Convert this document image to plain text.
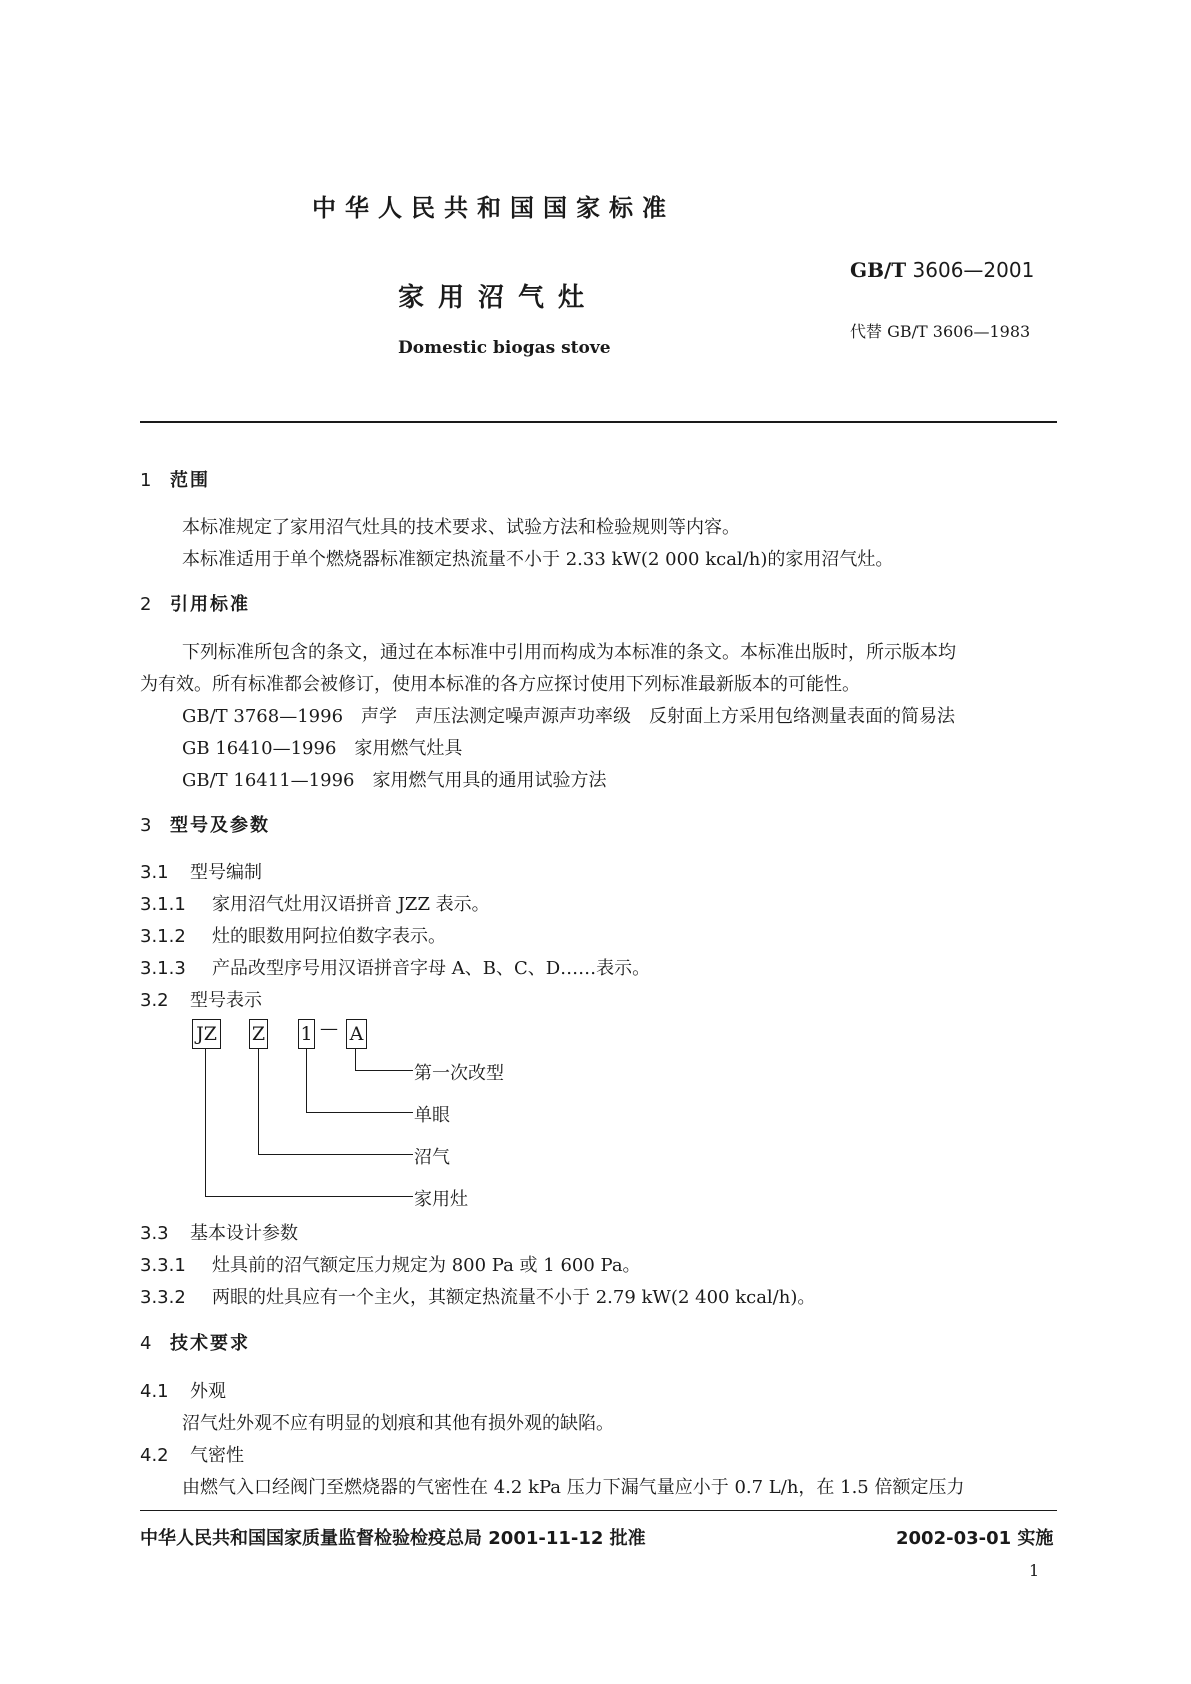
中华人民共和国国家标准
家用沼气灶
Domestic biogas stove
GB/T 3606—2001
代替 GB/T 3606—1983
1 范围
本标准规定了家用沼气灶具的技术要求、试验方法和检验规则等内容。
本标准适用于单个燃烧器标准额定热流量不小于 2.33 kW(2 000 kcal/h)的家用沼气灶。
2 引用标准
下列标准所包含的条文，通过在本标准中引用而构成为本标准的条文。本标准出版时，所示版本均
为有效。所有标准都会被修订，使用本标准的各方应探讨使用下列标准最新版本的可能性。
GB/T 3768—1996　声学　声压法测定噪声源声功率级　反射面上方采用包络测量表面的简易法
GB 16410—1996　家用燃气灶具
GB/T 16411—1996　家用燃气用具的通用试验方法
3 型号及参数
3.1 型号编制
3.1.1 家用沼气灶用汉语拼音 JZZ 表示。
3.1.2 灶的眼数用阿拉伯数字表示。
3.1.3 产品改型序号用汉语拼音字母 A、B、C、D……表示。
3.2 型号表示
JZ Z 1 — A
第一次改型
单眼
沼气
家用灶
3.3 基本设计参数
3.3.1 灶具前的沼气额定压力规定为 800 Pa 或 1 600 Pa。
3.3.2 两眼的灶具应有一个主火，其额定热流量不小于 2.79 kW(2 400 kcal/h)。
4 技术要求
4.1 外观
沼气灶外观不应有明显的划痕和其他有损外观的缺陷。
4.2 气密性
由燃气入口经阀门至燃烧器的气密性在 4.2 kPa 压力下漏气量应小于 0.7 L/h，在 1.5 倍额定压力
中华人民共和国国家质量监督检验检疫总局 2001-11-12 批准	2002-03-01 实施
1
